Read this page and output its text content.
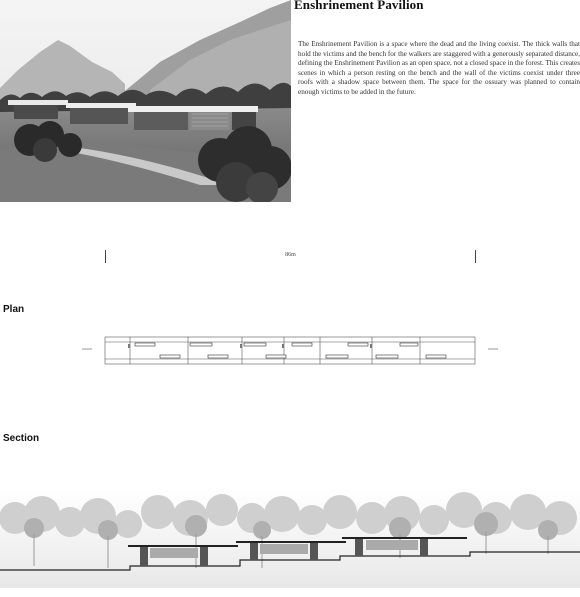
Enshrinement Pavilion

The Enshrinement Pavilion is a space where the dead and the living coexist. The thick walls that hold the victims and the bench for the walkers are staggered with a generously separated distance, defining the Enshrinement Pavilion as an open space, not a closed space in the forest. This creates scenes in which a person resting on the bench and the wall of the victims coexist under three roofs with a shadow space between them. The space for the ossuary was planned to contain enough victims to be added in the future.

86m
Plan
Section
